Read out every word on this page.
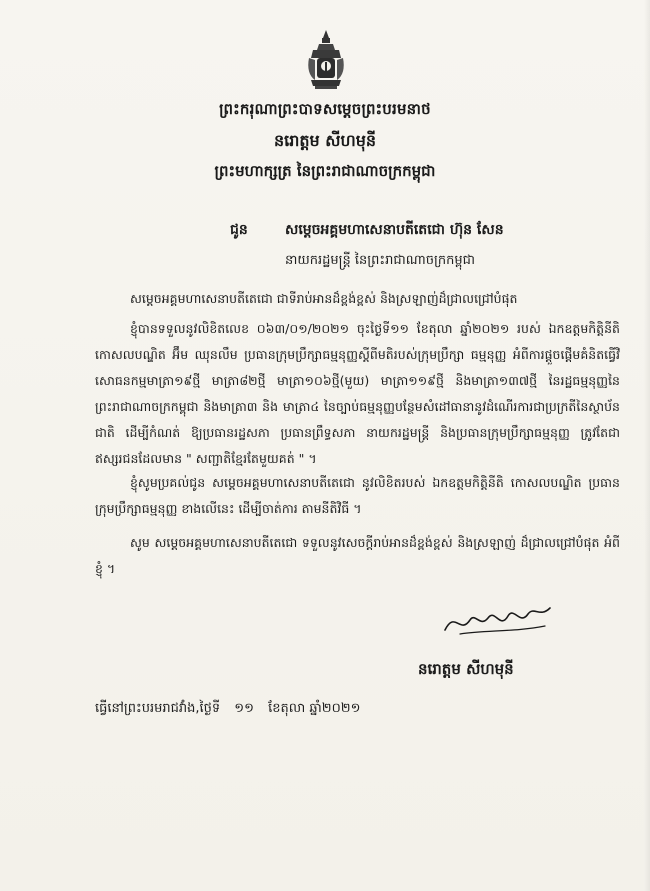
ព្រះករុណាព្រះបាទសម្តេចព្រះបរមនាថ
នរោត្តម សីហមុនី
ព្រះមហាក្សត្រ នៃព្រះរាជាណាចក្រកម្ពុជា
ជូន	សម្តេចអគ្គមហាសេនាបតីតេជោ ហ៊ុន សែន
នាយករដ្ឋមន្ត្រី នៃព្រះរាជាណាចក្រកម្ពុជា
សម្តេចអគ្គមហាសេនាបតីតេជោ ជាទីរាប់អានដ៏ខ្ពង់ខ្ពស់ និងស្រឡាញ់ដ៏ជ្រាលជ្រៅបំផុត
ខ្ញុំបានទទួលនូវលិខិតលេខ ០៦៣/០១/២០២១ ចុះថ្ងៃទី១១ ខែតុលា ឆ្នាំ២០២១ របស់ ឯកឧត្តមកិត្តិនីតិកោសលបណ្ឌិត អ៊ឹម ឈុនលឹម ប្រធានក្រុមប្រឹក្សាធម្មនុញ្ញស្តីពីមតិរបស់ក្រុមប្រឹក្សា ធម្មនុញ្ញ អំពីការផ្តួចផ្តើមគំនិតធ្វើវិសោធនកម្មមាត្រា១៩ថ្មី មាត្រា៨២ថ្មី មាត្រា១០៦ថ្មី(មួយ) មាត្រា១១៩ថ្មី និងមាត្រា១៣៧ថ្មី នៃរដ្ឋធម្មនុញ្ញនៃព្រះរាជាណាចក្រកម្ពុជា និងមាត្រា៣ និង មាត្រា៤ នៃច្បាប់ធម្មនុញ្ញបន្ថែមសំដៅធានានូវដំណើរការជាប្រក្រតីនៃស្ថាប័នជាតិ ដើម្បីកំណត់ ឱ្យប្រធានរដ្ឋសភា ប្រធានព្រឹទ្ធសភា នាយករដ្ឋមន្ត្រី និងប្រធានក្រុមប្រឹក្សាធម្មនុញ្ញ ត្រូវតែជា ឥស្សរជនដែលមាន " សញ្ជាតិខ្មែរតែមួយគត់ " ។
ខ្ញុំសូមប្រគល់ជូន សម្តេចអគ្គមហាសេនាបតីតេជោ នូវលិខិតរបស់ ឯកឧត្តមកិត្តិនីតិ កោសលបណ្ឌិត ប្រធានក្រុមប្រឹក្សាធម្មនុញ្ញ ខាងលើនេះ ដើម្បីចាត់ការ តាមនីតិវិធី ។
សូម សម្តេចអគ្គមហាសេនាបតីតេជោ ទទួលនូវសេចក្តីរាប់អានដ៏ខ្ពង់ខ្ពស់ និងស្រឡាញ់ ដ៏ជ្រាលជ្រៅបំផុត អំពីខ្ញុំ ។
នរោត្តម សីហមុនី
ធ្វើនៅព្រះបរមរាជវាំង,ថ្ងៃទី ១១ ខែតុលា ឆ្នាំ២០២១
